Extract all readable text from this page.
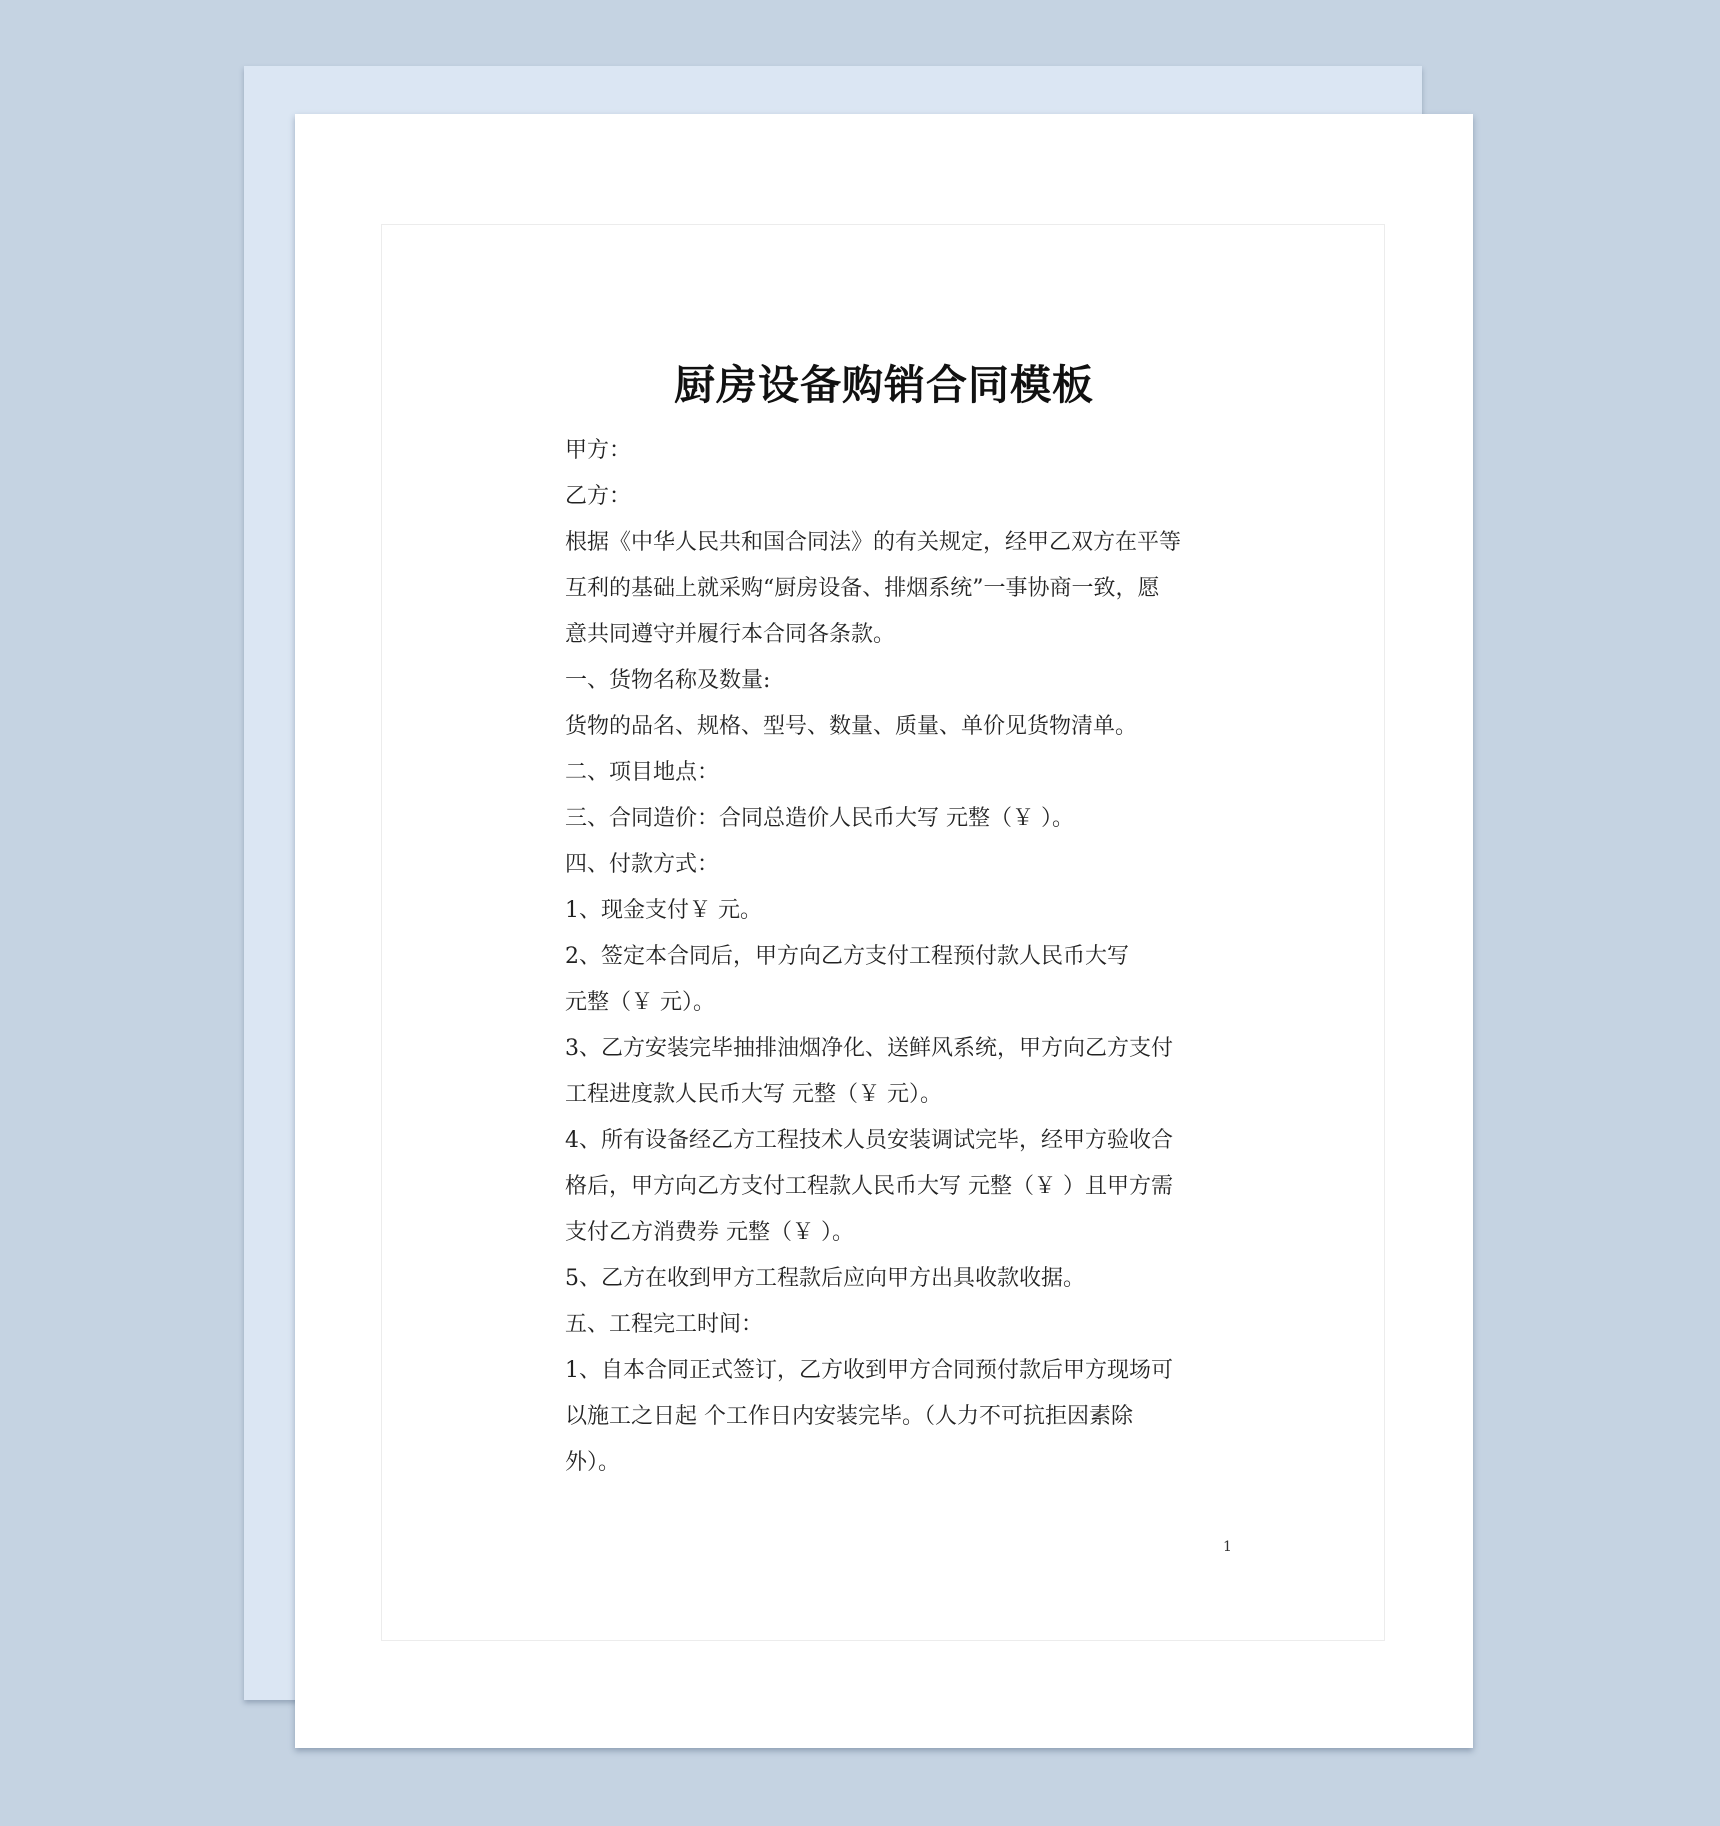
厨房设备购销合同模板
甲方：
乙方：
根据《中华人民共和国合同法》的有关规定，经甲乙双方在平等
互利的基础上就采购“厨房设备、排烟系统”一事协商一致，愿
意共同遵守并履行本合同各条款。
一、货物名称及数量:
货物的品名、规格、型号、数量、质量、单价见货物清单。
二、项目地点：
三、合同造价：合同总造价人民币大写 元整（￥ ）。
四、付款方式：
1、现金支付￥ 元。
2、签定本合同后，甲方向乙方支付工程预付款人民币大写
元整（￥ 元）。
3、乙方安装完毕抽排油烟净化、送鲜风系统，甲方向乙方支付
工程进度款人民币大写 元整（￥ 元）。
4、所有设备经乙方工程技术人员安装调试完毕，经甲方验收合
格后，甲方向乙方支付工程款人民币大写 元整（￥ ）且甲方需
支付乙方消费券 元整（￥ ）。
5、乙方在收到甲方工程款后应向甲方出具收款收据。
五、工程完工时间：
1、自本合同正式签订，乙方收到甲方合同预付款后甲方现场可
以施工之日起 个工作日内安装完毕。（人力不可抗拒因素除
外）。
1
